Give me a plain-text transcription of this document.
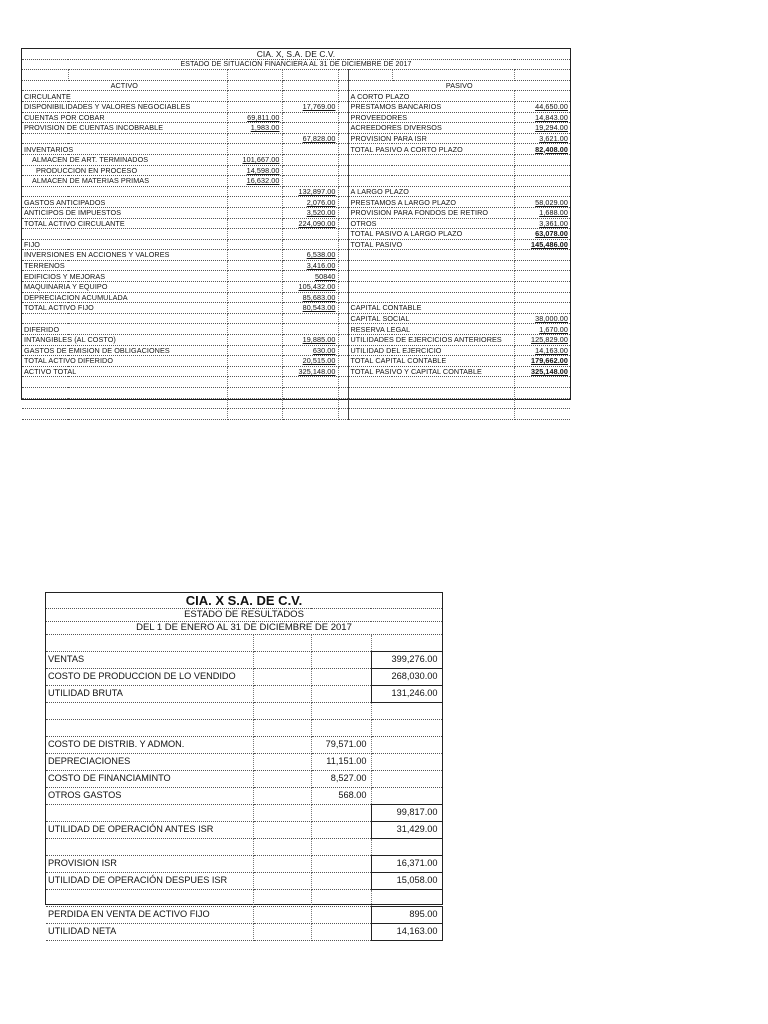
CIA. X, S.A. DE C.V.							
ESTADO DE SITUACION FINANCIERA AL 31 DE DICIEMBRE DE 2017							

ACTIVO					PASIVO		
CIRCULANTE					A CORTO PLAZO		
DISPONIBILIDADES Y VALORES NEGOCIABLES			17,769.00		PRESTAMOS BANCARIOS		44,650.00
CUENTAS POR COBAR		69,811.00			PROVEEDORES		14,843.00
PROVISION DE CUENTAS INCOBRABLE		1,983.00			ACREEDORES DIVERSOS		19,294.00
			67,828.00		PROVISION PARA ISR		3,621.00
INVENTARIOS					TOTAL PASIVO A CORTO PLAZO		82,408.00
ALMACEN DE ART. TERMINADOS		101,667.00					
PRODUCCION EN PROCESO		14,598.00					
ALMACEN DE MATERIAS PRIMAS		16,632.00					
			132,897.00		A LARGO PLAZO		
GASTOS ANTICIPADOS			2,076.00		PRESTAMOS A LARGO PLAZO		58,029.00
ANTICIPOS DE IMPUESTOS			3,520.00		PROVISION PARA FONDOS DE RETIRO		1,688.00
TOTAL ACTIVO CIRCULANTE			224,090.00		OTROS		3,361.00
					TOTAL PASIVO A LARGO PLAZO		63,078.00
FIJO					TOTAL PASIVO		145,486.00
INVERSIONES EN ACCIONES Y VALORES			6,538.00				
TERRENOS			3,416.00				
EDIFICIOS Y MEJORAS			50840				
MAQUINARIA Y EQUIPO			105,432.00				
DEPRECIACION ACUMULADA			85,683.00				
TOTAL ACTIVO FIJO			80,543.00		CAPITAL CONTABLE		
					CAPITAL SOCIAL		38,000.00
DIFERIDO					RESERVA LEGAL		1,670.00
INTANGIBLES (AL COSTO)			19,885.00		UTILIDADES DE EJERCICIOS ANTERIORES		125,829.00
GASTOS DE EMISION DE OBLIGACIONES			630.00		UTILIDAD DEL EJERCICIO		14,163.00
TOTAL ACTIVO DIFERIDO			20,515.00		TOTAL CAPITAL CONTABLE		179,662.00
ACTIVO TOTAL			325,148.00		TOTAL PASIVO Y CAPITAL CONTABLE		325,148.00

CIA. X S.A. DE C.V.			
ESTADO DE RESULTADOS			
DEL 1 DE ENERO AL 31 DE DICIEMBRE DE 2017			

VENTAS			399,276.00
COSTO DE PRODUCCION DE LO VENDIDO			268,030.00
UTILIDAD BRUTA			131,246.00

COSTO DE DISTRIB. Y ADMON.		79,571.00	
DEPRECIACIONES		11,151.00	
COSTO DE FINANCIAMINTO		8,527.00	
OTROS GASTOS		568.00	
			99,817.00
UTILIDAD DE OPERACIÓN ANTES ISR			31,429.00

PROVISION ISR			16,371.00
UTILIDAD DE OPERACIÓN DESPUES ISR			15,058.00

PERDIDA EN VENTA DE ACTIVO FIJO			895.00
UTILIDAD NETA			14,163.00
